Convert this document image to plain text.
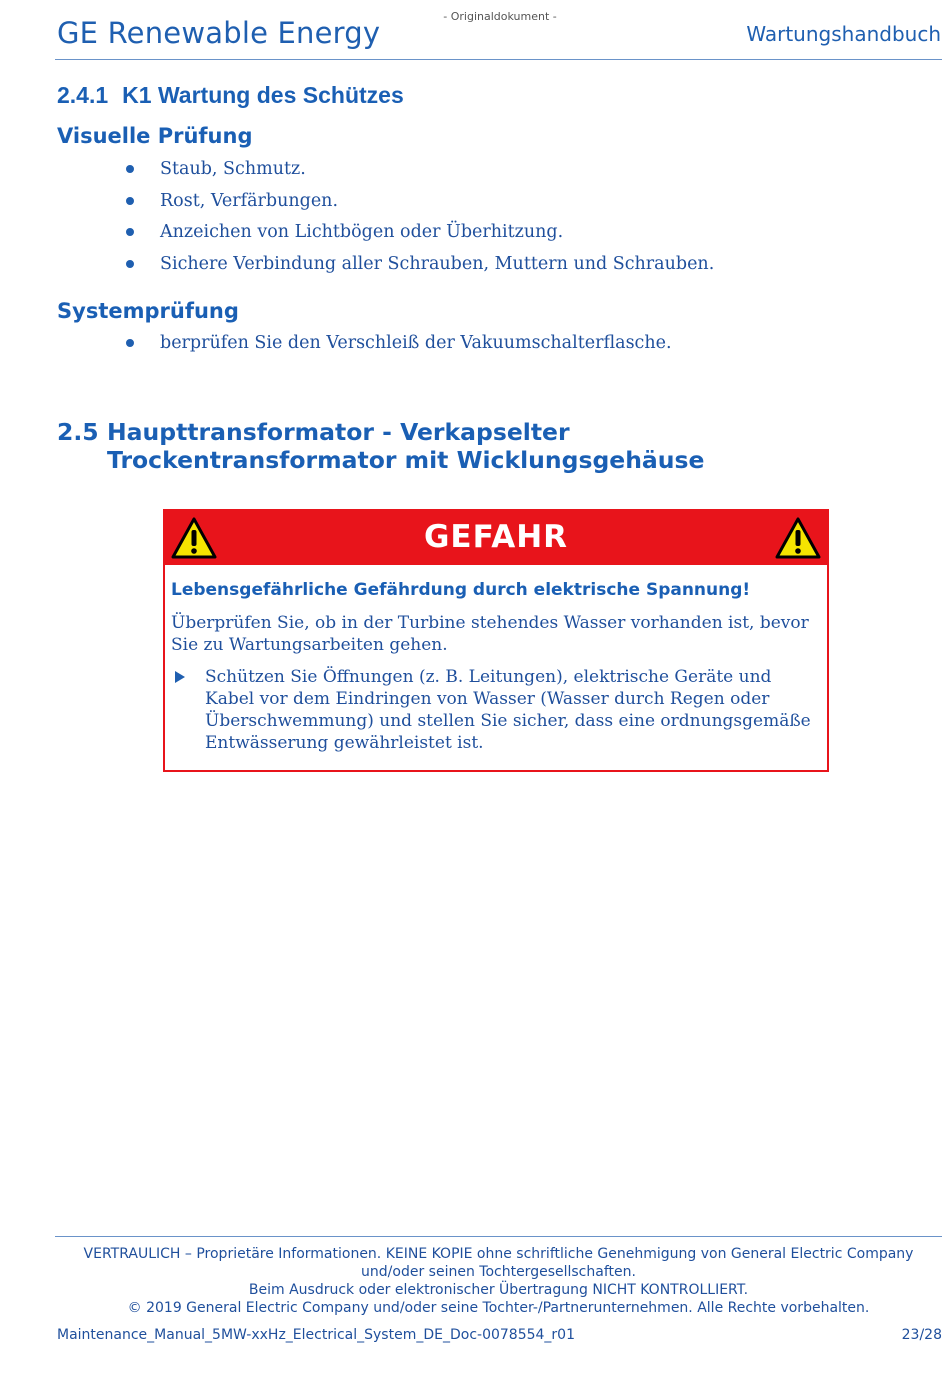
GE Renewable Energy	- Originaldokument -
Wartungshandbuch
2.4.1 K1 Wartung des Schützes
Visuelle Prüfung
Staub, Schmutz.
Rost, Verfärbungen.
Anzeichen von Lichtbögen oder Überhitzung.
Sichere Verbindung aller Schrauben, Muttern und Schrauben.
Systemprüfung
berprüfen Sie den Verschleiß der Vakuumschalterflasche.
2.5 Haupttransformator - Verkapselter Trockentransformator mit Wicklungsgehäuse
GEFAHR
Lebensgefährliche Gefährdung durch elektrische Spannung!
Überprüfen Sie, ob in der Turbine stehendes Wasser vorhanden ist, bevor Sie zu Wartungsarbeiten gehen.
Schützen Sie Öffnungen (z. B. Leitungen), elektrische Geräte und Kabel vor dem Eindringen von Wasser (Wasser durch Regen oder Überschwemmung) und stellen Sie sicher, dass eine ordnungsgemäße Entwässerung gewährleistet ist.
VERTRAULICH – Proprietäre Informationen. KEINE KOPIE ohne schriftliche Genehmigung von General Electric Company und/oder seinen Tochtergesellschaften.
Beim Ausdruck oder elektronischer Übertragung NICHT KONTROLLIERT.
© 2019 General Electric Company und/oder seine Tochter-/Partnerunternehmen. Alle Rechte vorbehalten.
Maintenance_Manual_5MW-xxHz_Electrical_System_DE_Doc-0078554_r01	23/28
